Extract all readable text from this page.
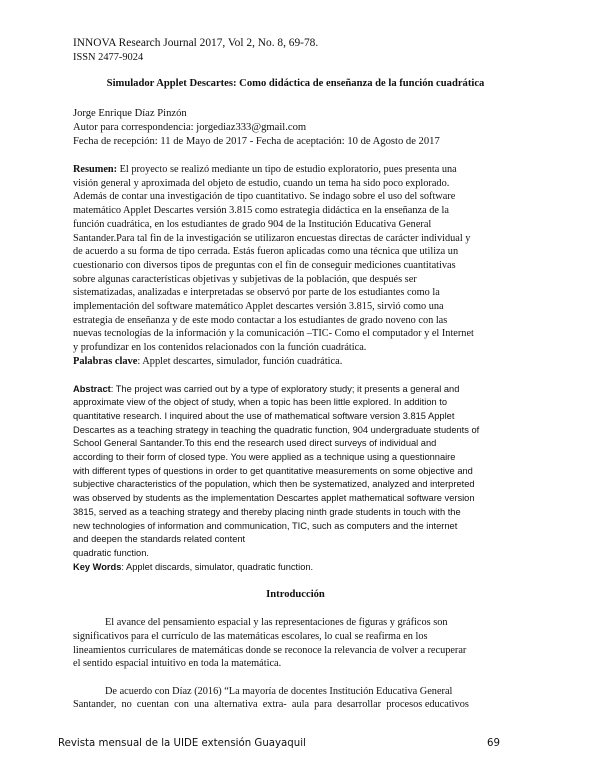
INNOVA Research Journal 2017, Vol 2, No. 8, 69-78.
ISSN 2477-9024
Simulador Applet Descartes: Como didáctica de enseñanza de la función cuadrática
Jorge Enrique Díaz Pinzón
Autor para correspondencia: jorgediaz333@gmail.com
Fecha de recepción: 11 de Mayo de 2017 - Fecha de aceptación: 10 de Agosto de 2017
Resumen: El proyecto se realizó mediante un tipo de estudio exploratorio, pues presenta una
visión general y aproximada del objeto de estudio, cuando un tema ha sido poco explorado.
Además de contar una investigación de tipo cuantitativo. Se indago sobre el uso del software
matemático Applet Descartes versión 3.815 como estrategia didáctica en la enseñanza de la
función cuadrática, en los estudiantes de grado 904 de la Institución Educativa General
Santander.Para tal fin de la investigación se utilizaron encuestas directas de carácter individual y
de acuerdo a su forma de tipo cerrada. Estás fueron aplicadas como una técnica que utiliza un
cuestionario con diversos tipos de preguntas con el fin de conseguir mediciones cuantitativas
sobre algunas características objetivas y subjetivas de la población, que después ser
sistematizadas, analizadas e interpretadas se observó por parte de los estudiantes como la
implementación del software matemático Applet descartes versión 3.815, sirvió como una
estrategia de enseñanza y de este modo contactar a los estudiantes de grado noveno con las
nuevas tecnologías de la información y la comunicación –TIC- Como el computador y el Internet
y profundizar en los contenidos relacionados con la función cuadrática.
Palabras clave: Applet descartes, simulador, función cuadrática.
Abstract: The project was carried out by a type of exploratory study; it presents a general and
approximate view of the object of study, when a topic has been little explored. In addition to
quantitative research. I inquired about the use of mathematical software version 3.815 Applet
Descartes as a teaching strategy in teaching the quadratic function, 904 undergraduate students of
School General Santander.To this end the research used direct surveys of individual and
according to their form of closed type. You were applied as a technique using a questionnaire
with different types of questions in order to get quantitative measurements on some objective and
subjective characteristics of the population, which then be systematized, analyzed and interpreted
was observed by students as the implementation Descartes applet mathematical software version
3815, served as a teaching strategy and thereby placing ninth grade students in touch with the
new technologies of information and communication, TIC, such as computers and the internet
and deepen the standards related content
quadratic function.
Key Words: Applet discards, simulator, quadratic function.
Introducción
El avance del pensamiento espacial y las representaciones de figuras y gráficos son
significativos para el currículo de las matemáticas escolares, lo cual se reafirma en los
lineamientos curriculares de matemáticas donde se reconoce la relevancia de volver a recuperar
el sentido espacial intuitivo en toda la matemática.
De acuerdo con Díaz (2016) “La mayoría de docentes Institución Educativa General
Santander,  no  cuentan  con  una  alternativa  extra-  aula  para  desarrollar  procesos educativos
Revista mensual de la UIDE extensión Guayaquil	69
